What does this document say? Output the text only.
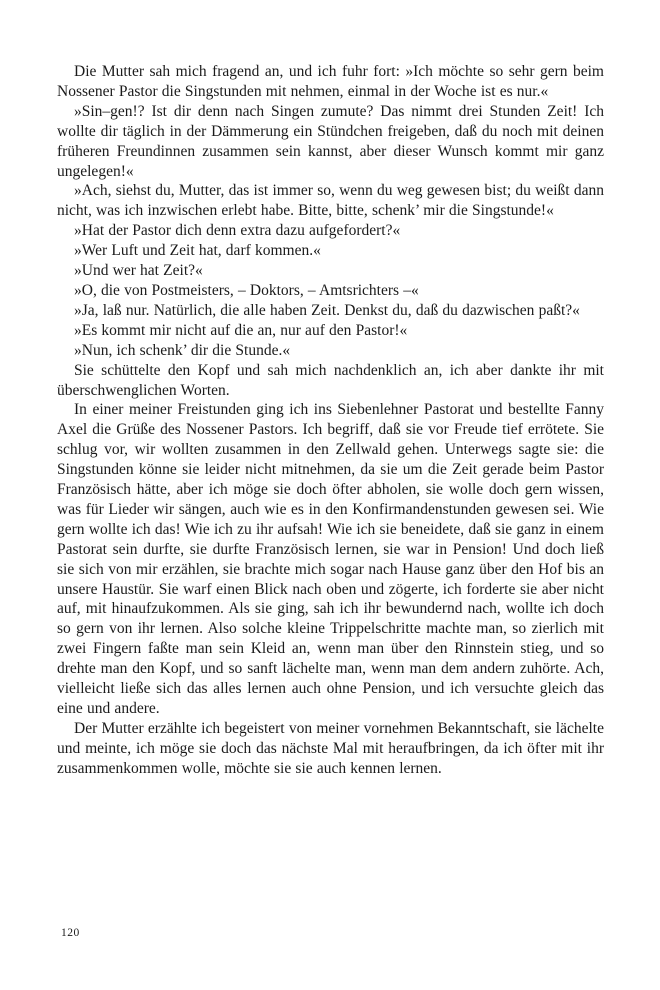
Die Mutter sah mich fragend an, und ich fuhr fort: »Ich möchte so sehr gern beim Nossener Pastor die Singstunden mit nehmen, einmal in der Woche ist es nur.«

»Sin–gen!? Ist dir denn nach Singen zumute? Das nimmt drei Stunden Zeit! Ich wollte dir täglich in der Dämmerung ein Stündchen freigeben, daß du noch mit deinen früheren Freundinnen zusammen sein kannst, aber dieser Wunsch kommt mir ganz ungelegen!«

»Ach, siehst du, Mutter, das ist immer so, wenn du weg gewesen bist; du weißt dann nicht, was ich inzwischen erlebt habe. Bitte, bitte, schenk’ mir die Singstunde!«

»Hat der Pastor dich denn extra dazu aufgefordert?«

»Wer Luft und Zeit hat, darf kommen.«

»Und wer hat Zeit?«

»O, die von Postmeisters, – Doktors, – Amtsrichters –«

»Ja, laß nur. Natürlich, die alle haben Zeit. Denkst du, daß du dazwischen paßt?«

»Es kommt mir nicht auf die an, nur auf den Pastor!«

»Nun, ich schenk’ dir die Stunde.«

Sie schüttelte den Kopf und sah mich nachdenklich an, ich aber dankte ihr mit überschwenglichen Worten.

In einer meiner Freistunden ging ich ins Siebenlehner Pastorat und bestellte Fanny Axel die Grüße des Nossener Pastors. Ich begriff, daß sie vor Freude tief errötete. Sie schlug vor, wir wollten zusammen in den Zellwald gehen. Unterwegs sagte sie: die Singstunden könne sie leider nicht mitnehmen, da sie um die Zeit gerade beim Pastor Französisch hätte, aber ich möge sie doch öfter abholen, sie wolle doch gern wissen, was für Lieder wir sängen, auch wie es in den Konfirmandenstunden gewesen sei. Wie gern wollte ich das! Wie ich zu ihr aufsah! Wie ich sie beneidete, daß sie ganz in einem Pastorat sein durfte, sie durfte Französisch lernen, sie war in Pension! Und doch ließ sie sich von mir erzählen, sie brachte mich sogar nach Hause ganz über den Hof bis an unsere Haustür. Sie warf einen Blick nach oben und zögerte, ich forderte sie aber nicht auf, mit hinaufzukommen. Als sie ging, sah ich ihr bewundernd nach, wollte ich doch so gern von ihr lernen. Also solche kleine Trippelschritte machte man, so zierlich mit zwei Fingern faßte man sein Kleid an, wenn man über den Rinnstein stieg, und so drehte man den Kopf, und so sanft lächelte man, wenn man dem andern zuhörte. Ach, vielleicht ließe sich das alles lernen auch ohne Pension, und ich versuchte gleich das eine und andere.

Der Mutter erzählte ich begeistert von meiner vornehmen Bekanntschaft, sie lächelte und meinte, ich möge sie doch das nächste Mal mit heraufbringen, da ich öfter mit ihr zusammenkommen wolle, möchte sie sie auch kennen lernen.

120
